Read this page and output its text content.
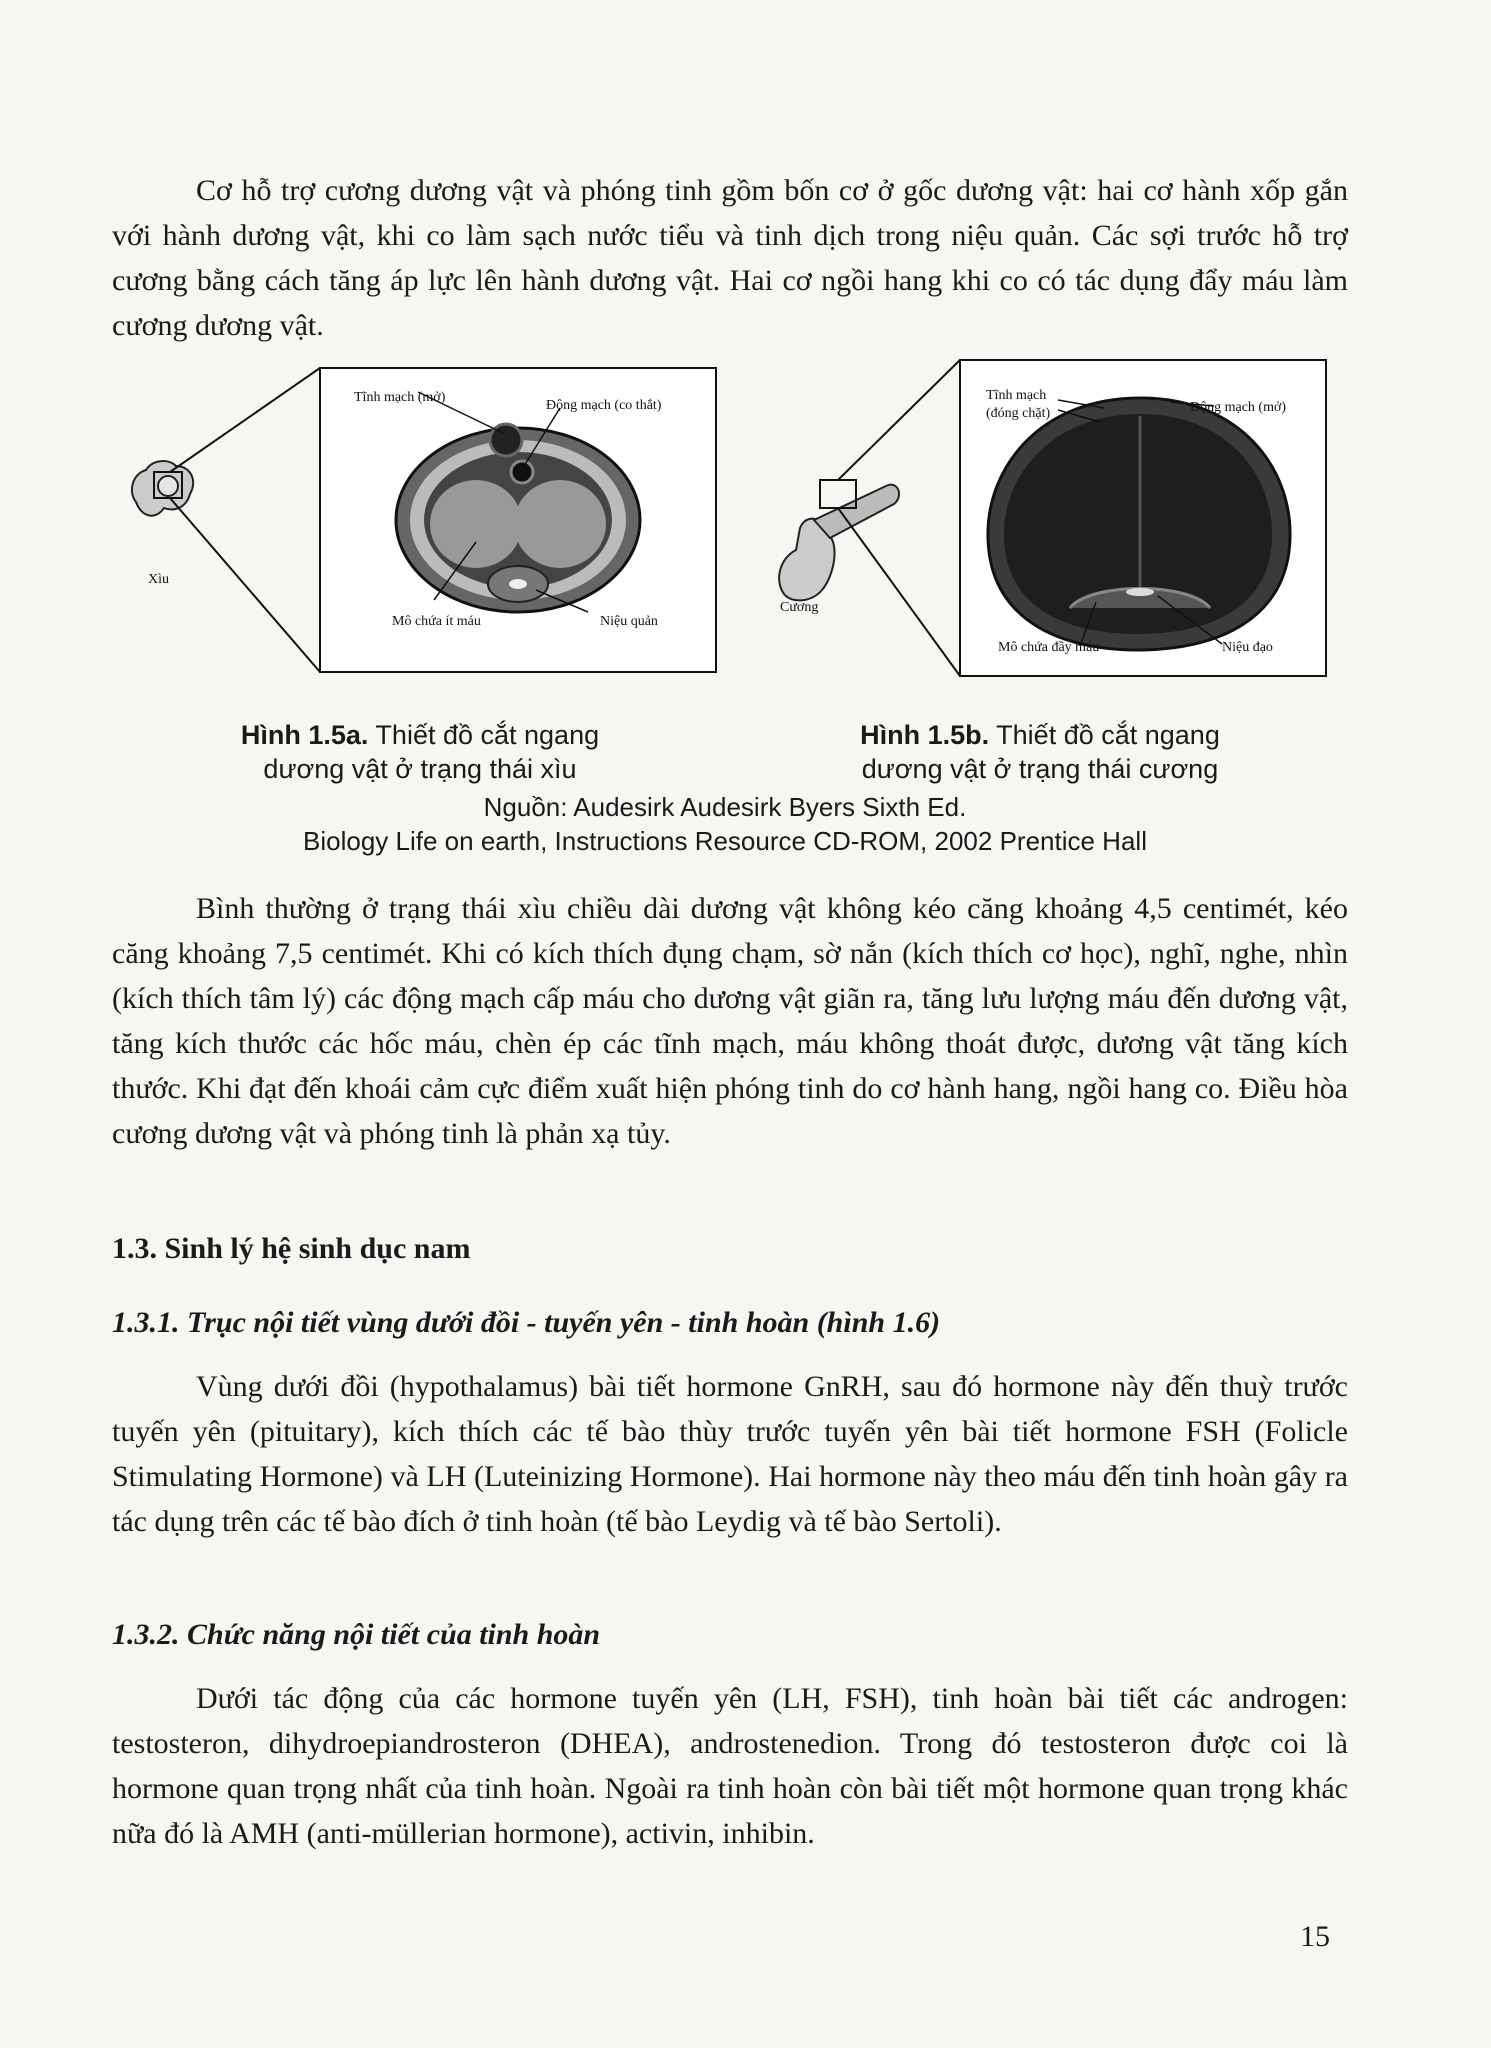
Cơ hỗ trợ cương dương vật và phóng tinh gồm bốn cơ ở gốc dương vật: hai cơ hành xốp gắn với hành dương vật, khi co làm sạch nước tiểu và tinh dịch trong niệu quản. Các sợi trước hỗ trợ cương bằng cách tăng áp lực lên hành dương vật. Hai cơ ngồi hang khi co có tác dụng đẩy máu làm cương dương vật.

Tĩnh mạch (mở)
Động mạch (co thắt)
Mô chứa ít máu	Niệu quản
Xìu
Tĩnh mạch
(đóng chặt)	Động mạch (mở)
Mô chứa đầy máu	Niệu đạo
Cương

Hình 1.5a. Thiết đồ cắt ngang
dương vật ở trạng thái xìu

Hình 1.5b. Thiết đồ cắt ngang
dương vật ở trạng thái cương

Nguồn: Audesirk Audesirk Byers Sixth Ed.
Biology Life on earth, Instructions Resource CD-ROM, 2002 Prentice Hall

Bình thường ở trạng thái xìu chiều dài dương vật không kéo căng khoảng 4,5 centimét, kéo căng khoảng 7,5 centimét. Khi có kích thích đụng chạm, sờ nắn (kích thích cơ học), nghĩ, nghe, nhìn (kích thích tâm lý) các động mạch cấp máu cho dương vật giãn ra, tăng lưu lượng máu đến dương vật, tăng kích thước các hốc máu, chèn ép các tĩnh mạch, máu không thoát được, dương vật tăng kích thước. Khi đạt đến khoái cảm cực điểm xuất hiện phóng tinh do cơ hành hang, ngồi hang co. Điều hòa cương dương vật và phóng tinh là phản xạ tủy.

1.3. Sinh lý hệ sinh dục nam
1.3.1. Trục nội tiết vùng dưới đồi - tuyến yên - tinh hoàn (hình 1.6)

Vùng dưới đồi (hypothalamus) bài tiết hormone GnRH, sau đó hormone này đến thuỳ trước tuyến yên (pituitary), kích thích các tế bào thùy trước tuyến yên bài tiết hormone FSH (Folicle Stimulating Hormone) và LH (Luteinizing Hormone). Hai hormone này theo máu đến tinh hoàn gây ra tác dụng trên các tế bào đích ở tinh hoàn (tế bào Leydig và tế bào Sertoli).

1.3.2. Chức năng nội tiết của tinh hoàn

Dưới tác động của các hormone tuyến yên (LH, FSH), tinh hoàn bài tiết các androgen: testosteron, dihydroepiandrosteron (DHEA), androstenedion. Trong đó testosteron được coi là hormone quan trọng nhất của tinh hoàn. Ngoài ra tinh hoàn còn bài tiết một hormone quan trọng khác nữa đó là AMH (anti-müllerian hormone), activin, inhibin.

15
